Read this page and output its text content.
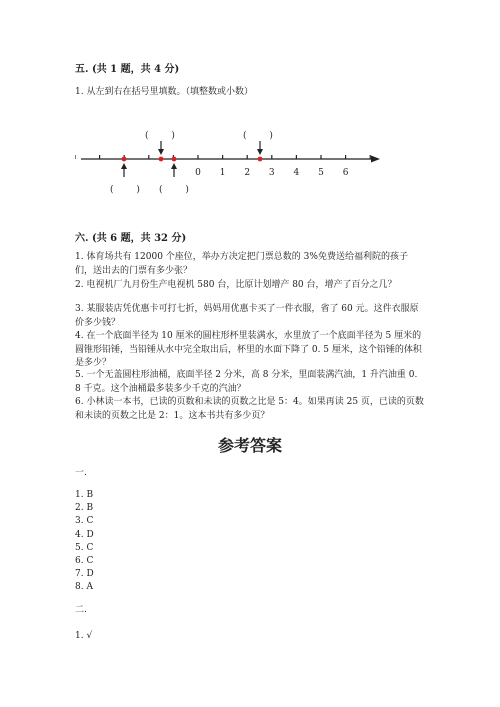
五. (共 1 题，共 4 分)
1. 从左到右在括号里填数。（填整数或小数）
0 1 2 3 4 5 6
(        )	(        )
(        ) (        )
六. (共 6 题，共 32 分)
1. 体育场共有 12000 个座位，举办方决定把门票总数的 3%免费送给福利院的孩子们，送出去的门票有多少张？
2. 电视机厂九月份生产电视机 580 台，比原计划增产 80 台，增产了百分之几？
3. 某服装店凭优惠卡可打七折，妈妈用优惠卡买了一件衣服，省了 60 元。这件衣服原价多少钱？
4. 在一个底面半径为 10 厘米的圆柱形杯里装满水，水里放了一个底面半径为 5 厘米的圆锥形铅锤，当铅锤从水中完全取出后，杯里的水面下降了 0. 5 厘米，这个铅锤的体积是多少？
5. 一个无盖圆柱形油桶，底面半径 2 分米，高 8 分米，里面装满汽油，1 升汽油重 0. 8 千克。这个油桶最多装多少千克的汽油？
6. 小林读一本书，已读的页数和未读的页数之比是 5：4。如果再读 25 页，已读的页数和未读的页数之比是 2：1。这本书共有多少页？
参考答案
一.
1. B
2. B
3. C
4. D
5. C
6. C
7. D
8. A
二.
1. √
